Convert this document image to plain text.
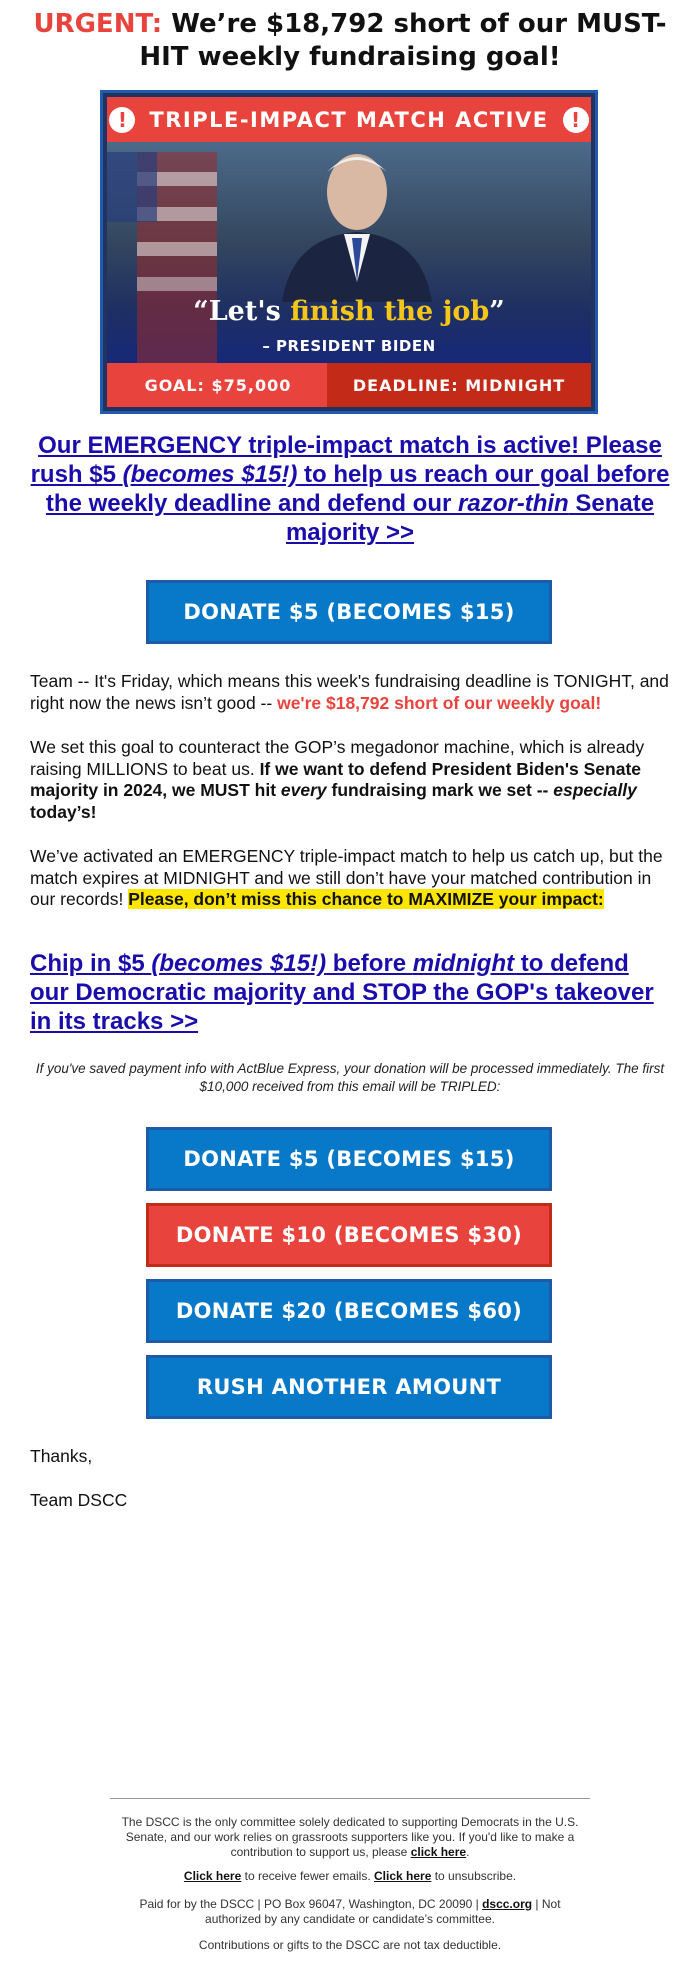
URGENT: We’re $18,792 short of our MUST-HIT weekly fundraising goal!
!	TRIPLE-IMPACT MATCH ACTIVE	!
“Let's finish the job”
– PRESIDENT BIDEN
GOAL: $75,000	DEADLINE: MIDNIGHT
Our EMERGENCY triple-impact match is active! Please rush $5 (becomes $15!) to help us reach our goal before the weekly deadline and defend our razor-thin Senate majority >>
DONATE $5 (BECOMES $15)
Team -- It's Friday, which means this week's fundraising deadline is TONIGHT, and right now the news isn’t good -- we're $18,792 short of our weekly goal!
We set this goal to counteract the GOP’s megadonor machine, which is already raising MILLIONS to beat us. If we want to defend President Biden's Senate majority in 2024, we MUST hit every fundraising mark we set -- especially today’s!
We’ve activated an EMERGENCY triple-impact match to help us catch up, but the match expires at MIDNIGHT and we still don’t have your matched contribution in our records! Please, don’t miss this chance to MAXIMIZE your impact:
Chip in $5 (becomes $15!) before midnight to defend our Democratic majority and STOP the GOP's takeover in its tracks >>
If you've saved payment info with ActBlue Express, your donation will be processed immediately. The first $10,000 received from this email will be TRIPLED:
DONATE $5 (BECOMES $15)
DONATE $10 (BECOMES $30)
DONATE $20 (BECOMES $60)
RUSH ANOTHER AMOUNT
Thanks,
Team DSCC
The DSCC is the only committee solely dedicated to supporting Democrats in the U.S. Senate, and our work relies on grassroots supporters like you. If you'd like to make a contribution to support us, please click here.
Click here to receive fewer emails. Click here to unsubscribe.
Paid for by the DSCC | PO Box 96047, Washington, DC 20090 | dscc.org | Not authorized by any candidate or candidate’s committee.
Contributions or gifts to the DSCC are not tax deductible.
